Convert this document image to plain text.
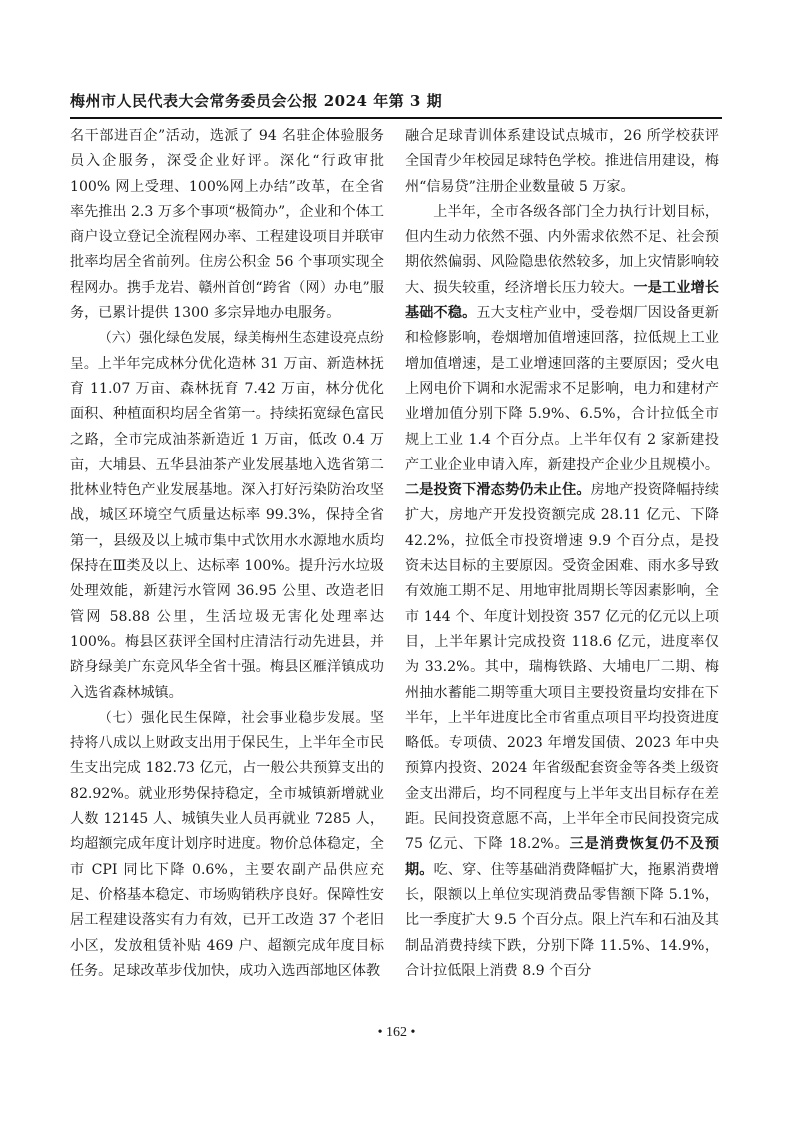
梅州市人民代表大会常务委员会公报 2024 年第 3 期

名干部进百企”活动，选派了 94 名驻企体验服务员入企服务，深受企业好评。深化“行政审批 100% 网上受理、100%网上办结”改革，在全省率先推出 2.3 万多个事项“极简办”，企业和个体工商户设立登记全流程网办率、工程建设项目并联审批率均居全省前列。住房公积金 56 个事项实现全程网办。携手龙岩、赣州首创“跨省（网）办电”服务，已累计提供 1300 多宗异地办电服务。

（六）强化绿色发展，绿美梅州生态建设亮点纷呈。上半年完成林分优化造林 31 万亩、新造林抚育 11.07 万亩、森林抚育 7.42 万亩，林分优化面积、种植面积均居全省第一。持续拓宽绿色富民之路，全市完成油茶新造近 1 万亩，低改 0.4 万亩，大埔县、五华县油茶产业发展基地入选省第二批林业特色产业发展基地。深入打好污染防治攻坚战，城区环境空气质量达标率 99.3%，保持全省第一，县级及以上城市集中式饮用水水源地水质均保持在Ⅲ类及以上、达标率 100%。提升污水垃圾处理效能，新建污水管网 36.95 公里、改造老旧管网 58.88 公里，生活垃圾无害化处理率达 100%。梅县区获评全国村庄清洁行动先进县，并跻身绿美广东竞风华全省十强。梅县区雁洋镇成功入选省森林城镇。

（七）强化民生保障，社会事业稳步发展。坚持将八成以上财政支出用于保民生，上半年全市民生支出完成 182.73 亿元，占一般公共预算支出的 82.92%。就业形势保持稳定，全市城镇新增就业人数 12145 人、城镇失业人员再就业 7285 人，均超额完成年度计划序时进度。物价总体稳定，全市 CPI 同比下降 0.6%，主要农副产品供应充足、价格基本稳定、市场购销秩序良好。保障性安居工程建设落实有力有效，已开工改造 37 个老旧小区，发放租赁补贴 469 户、超额完成年度目标任务。足球改革步伐加快，成功入选西部地区体教

融合足球青训体系建设试点城市，26 所学校获评全国青少年校园足球特色学校。推进信用建设，梅州“信易贷”注册企业数量破 5 万家。

上半年，全市各级各部门全力执行计划目标，但内生动力依然不强、内外需求依然不足、社会预期依然偏弱、风险隐患依然较多，加上灾情影响较大、损失较重，经济增长压力较大。一是工业增长基础不稳。五大支柱产业中，受卷烟厂因设备更新和检修影响，卷烟增加值增速回落，拉低规上工业增加值增速，是工业增速回落的主要原因；受火电上网电价下调和水泥需求不足影响，电力和建材产业增加值分别下降 5.9%、6.5%，合计拉低全市规上工业 1.4 个百分点。上半年仅有 2 家新建投产工业企业申请入库，新建投产企业少且规模小。二是投资下滑态势仍未止住。房地产投资降幅持续扩大，房地产开发投资额完成 28.11 亿元、下降 42.2%，拉低全市投资增速 9.9 个百分点，是投资未达目标的主要原因。受资金困难、雨水多导致有效施工期不足、用地审批周期长等因素影响，全市 144 个、年度计划投资 357 亿元的亿元以上项目，上半年累计完成投资 118.6 亿元，进度率仅为 33.2%。其中，瑞梅铁路、大埔电厂二期、梅州抽水蓄能二期等重大项目主要投资量均安排在下半年，上半年进度比全市省重点项目平均投资进度略低。专项债、2023 年增发国债、2023 年中央预算内投资、2024 年省级配套资金等各类上级资金支出滞后，均不同程度与上半年支出目标存在差距。民间投资意愿不高，上半年全市民间投资完成 75 亿元、下降 18.2%。三是消费恢复仍不及预期。吃、穿、住等基础消费降幅扩大，拖累消费增长，限额以上单位实现消费品零售额下降 5.1%，比一季度扩大 9.5 个百分点。限上汽车和石油及其制品消费持续下跌，分别下降 11.5%、14.9%，合计拉低限上消费 8.9 个百分

• 162 •
